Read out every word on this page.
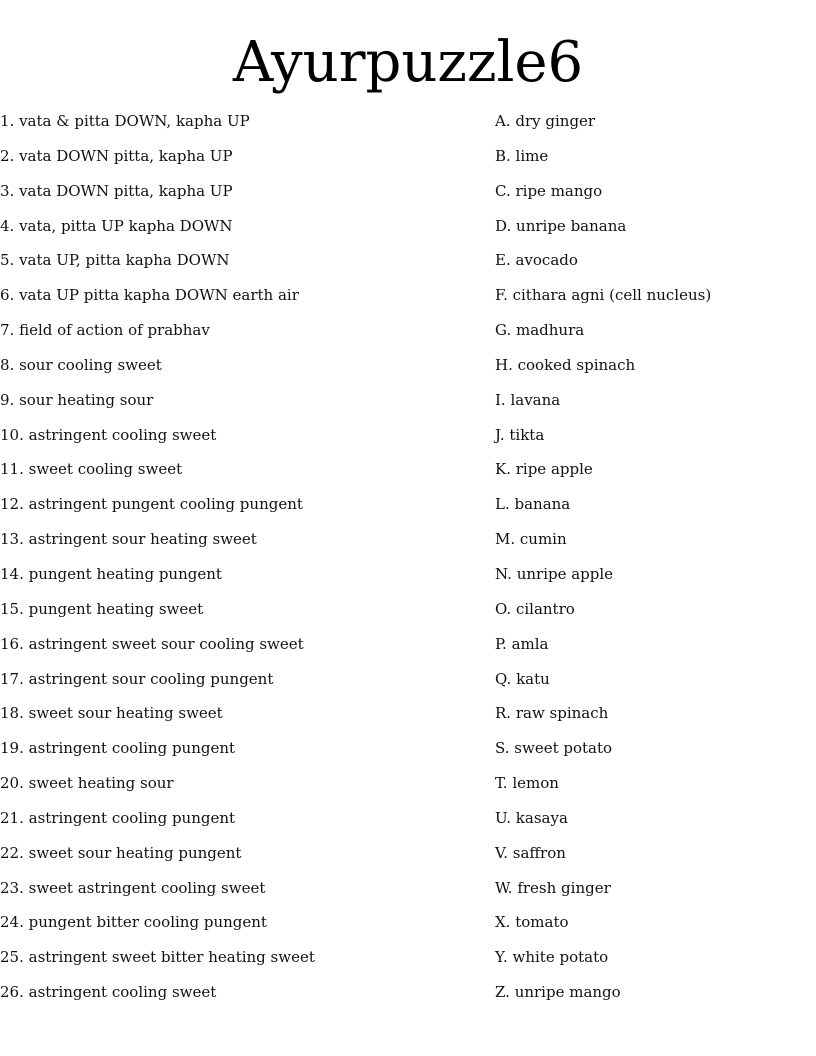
Ayurpuzzle6
1. vata & pitta DOWN, kapha UP
2. vata DOWN pitta, kapha UP
3. vata DOWN pitta, kapha UP
4. vata, pitta UP kapha DOWN
5. vata UP, pitta kapha DOWN
6. vata UP pitta kapha DOWN earth air
7. field of action of prabhav
8. sour cooling sweet
9. sour heating sour
10. astringent cooling sweet
11. sweet cooling sweet
12. astringent pungent cooling pungent
13. astringent sour heating sweet
14. pungent heating pungent
15. pungent heating sweet
16. astringent sweet sour cooling sweet
17. astringent sour cooling pungent
18. sweet sour heating sweet
19. astringent cooling pungent
20. sweet heating sour
21. astringent cooling pungent
22. sweet sour heating pungent
23. sweet astringent cooling sweet
24. pungent bitter cooling pungent
25. astringent sweet bitter heating sweet
26. astringent cooling sweet
A. dry ginger
B. lime
C. ripe mango
D. unripe banana
E. avocado
F. cithara agni (cell nucleus)
G. madhura
H. cooked spinach
I. lavana
J. tikta
K. ripe apple
L. banana
M. cumin
N. unripe apple
O. cilantro
P. amla
Q. katu
R. raw spinach
S. sweet potato
T. lemon
U. kasaya
V. saffron
W. fresh ginger
X. tomato
Y. white potato
Z. unripe mango
